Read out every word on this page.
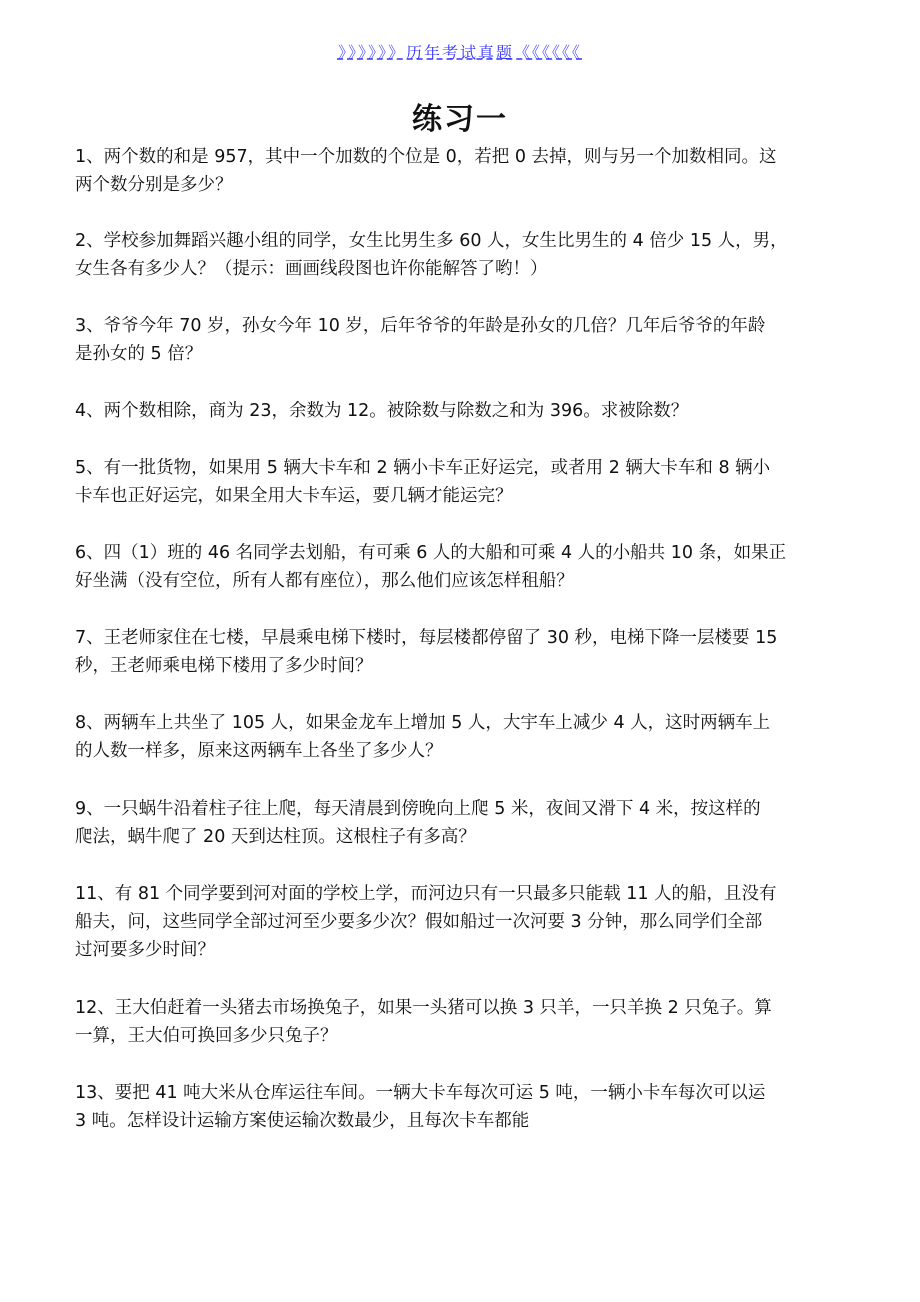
》》》》》》历年考试真题《《《《《《
练习一
1、两个数的和是 957，其中一个加数的个位是 0，若把 0 去掉，则与另一个加数相同。这
两个数分别是多少？
2、学校参加舞蹈兴趣小组的同学，女生比男生多 60 人，女生比男生的 4 倍少 15 人，男，
女生各有多少人？（提示：画画线段图也许你能解答了哟！）
3、爷爷今年 70 岁，孙女今年 10 岁，后年爷爷的年龄是孙女的几倍？几年后爷爷的年龄
是孙女的 5 倍？
4、两个数相除，商为 23，余数为 12。被除数与除数之和为 396。求被除数？
5、有一批货物，如果用 5 辆大卡车和 2 辆小卡车正好运完，或者用 2 辆大卡车和 8 辆小
卡车也正好运完，如果全用大卡车运，要几辆才能运完？
6、四（1）班的 46 名同学去划船，有可乘 6 人的大船和可乘 4 人的小船共 10 条，如果正
好坐满（没有空位，所有人都有座位），那么他们应该怎样租船？
7、王老师家住在七楼，早晨乘电梯下楼时，每层楼都停留了 30 秒，电梯下降一层楼要 15
秒，王老师乘电梯下楼用了多少时间？
8、两辆车上共坐了 105 人，如果金龙车上增加 5 人，大宇车上减少 4 人，这时两辆车上
的人数一样多，原来这两辆车上各坐了多少人？
9、一只蜗牛沿着柱子往上爬，每天清晨到傍晚向上爬 5 米，夜间又滑下 4 米，按这样的
爬法，蜗牛爬了 20 天到达柱顶。这根柱子有多高？
11、有 81 个同学要到河对面的学校上学，而河边只有一只最多只能载 11 人的船，且没有
船夫，问，这些同学全部过河至少要多少次？假如船过一次河要 3 分钟，那么同学们全部
过河要多少时间？
12、王大伯赶着一头猪去市场换兔子，如果一头猪可以换 3 只羊，一只羊换 2 只兔子。算
一算，王大伯可换回多少只兔子？
13、要把 41 吨大米从仓库运往车间。一辆大卡车每次可运 5 吨，一辆小卡车每次可以运
3 吨。怎样设计运输方案使运输次数最少，且每次卡车都能
